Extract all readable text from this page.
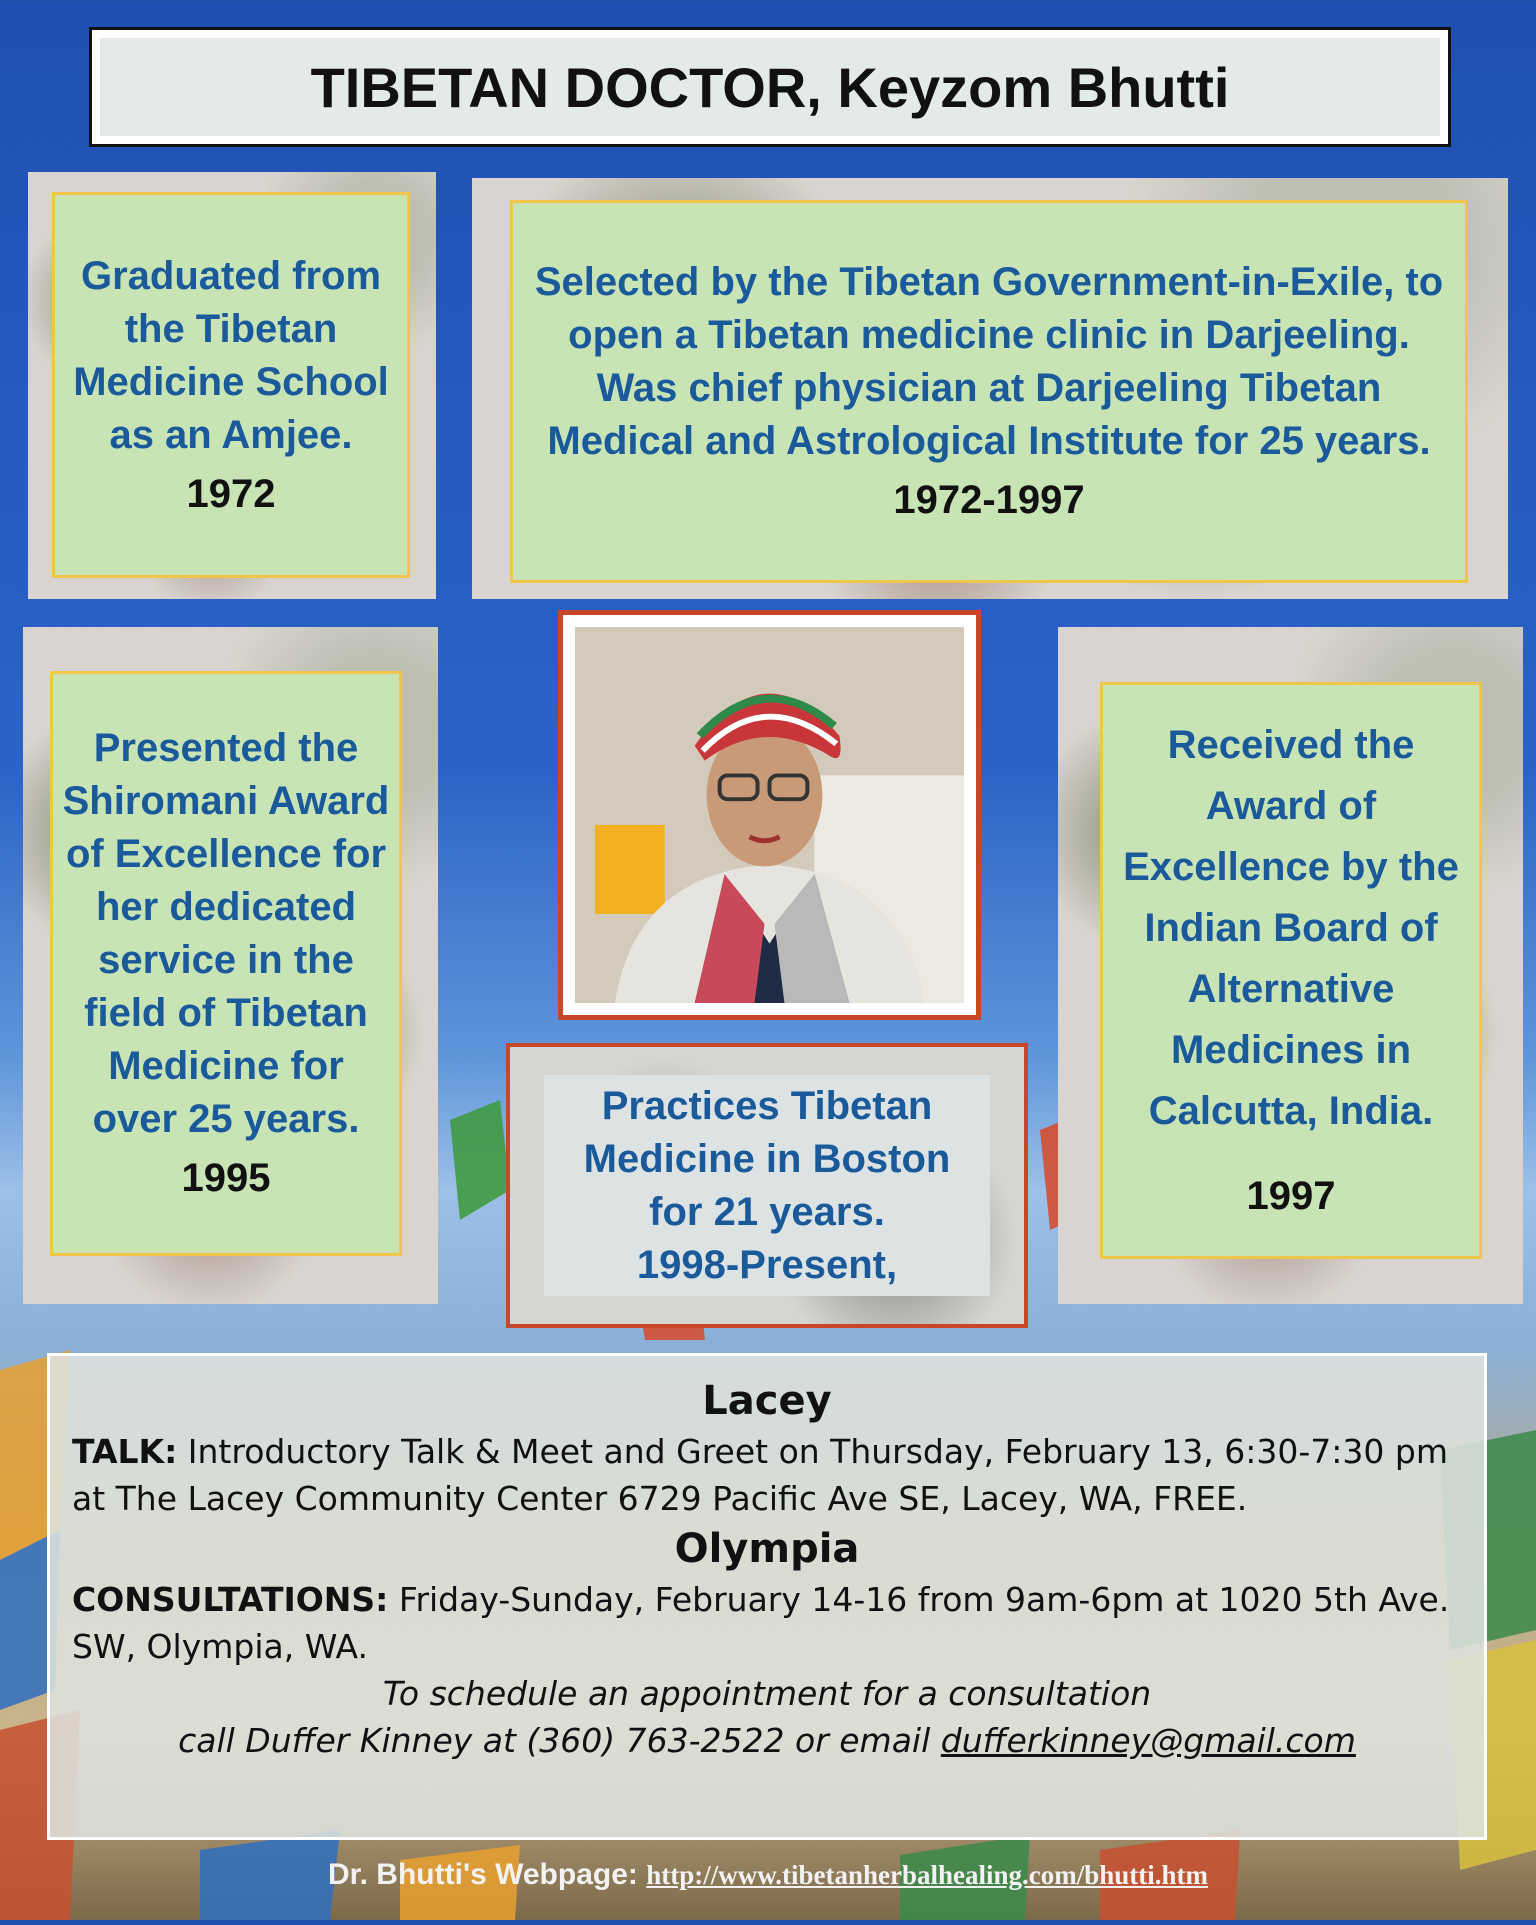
TIBETAN DOCTOR, Keyzom Bhutti
Graduated from the Tibetan Medicine School as an Amjee.
1972
Selected by the Tibetan Government-in-Exile, to open a Tibetan medicine clinic in Darjeeling. Was chief physician at Darjeeling Tibetan Medical and Astrological Institute for 25 years.
1972-1997
Presented the Shiromani Award of Excellence for her dedicated service in the field of Tibetan Medicine for over 25 years.
1995
Received the Award of Excellence by the Indian Board of Alternative Medicines in Calcutta, India.
1997
Practices Tibetan Medicine in Boston for 21 years.
1998-Present,
Lacey
TALK: Introductory Talk & Meet and Greet on Thursday, February 13, 6:30-7:30 pm at The Lacey Community Center 6729 Pacific Ave SE, Lacey, WA, FREE.
Olympia
CONSULTATIONS: Friday-Sunday, February 14-16 from 9am-6pm at 1020 5th Ave. SW, Olympia, WA.
To schedule an appointment for a consultation
call Duffer Kinney at (360) 763-2522 or email dufferkinney@gmail.com
Dr. Bhutti's Webpage: http://www.tibetanherbalhealing.com/bhutti.htm
